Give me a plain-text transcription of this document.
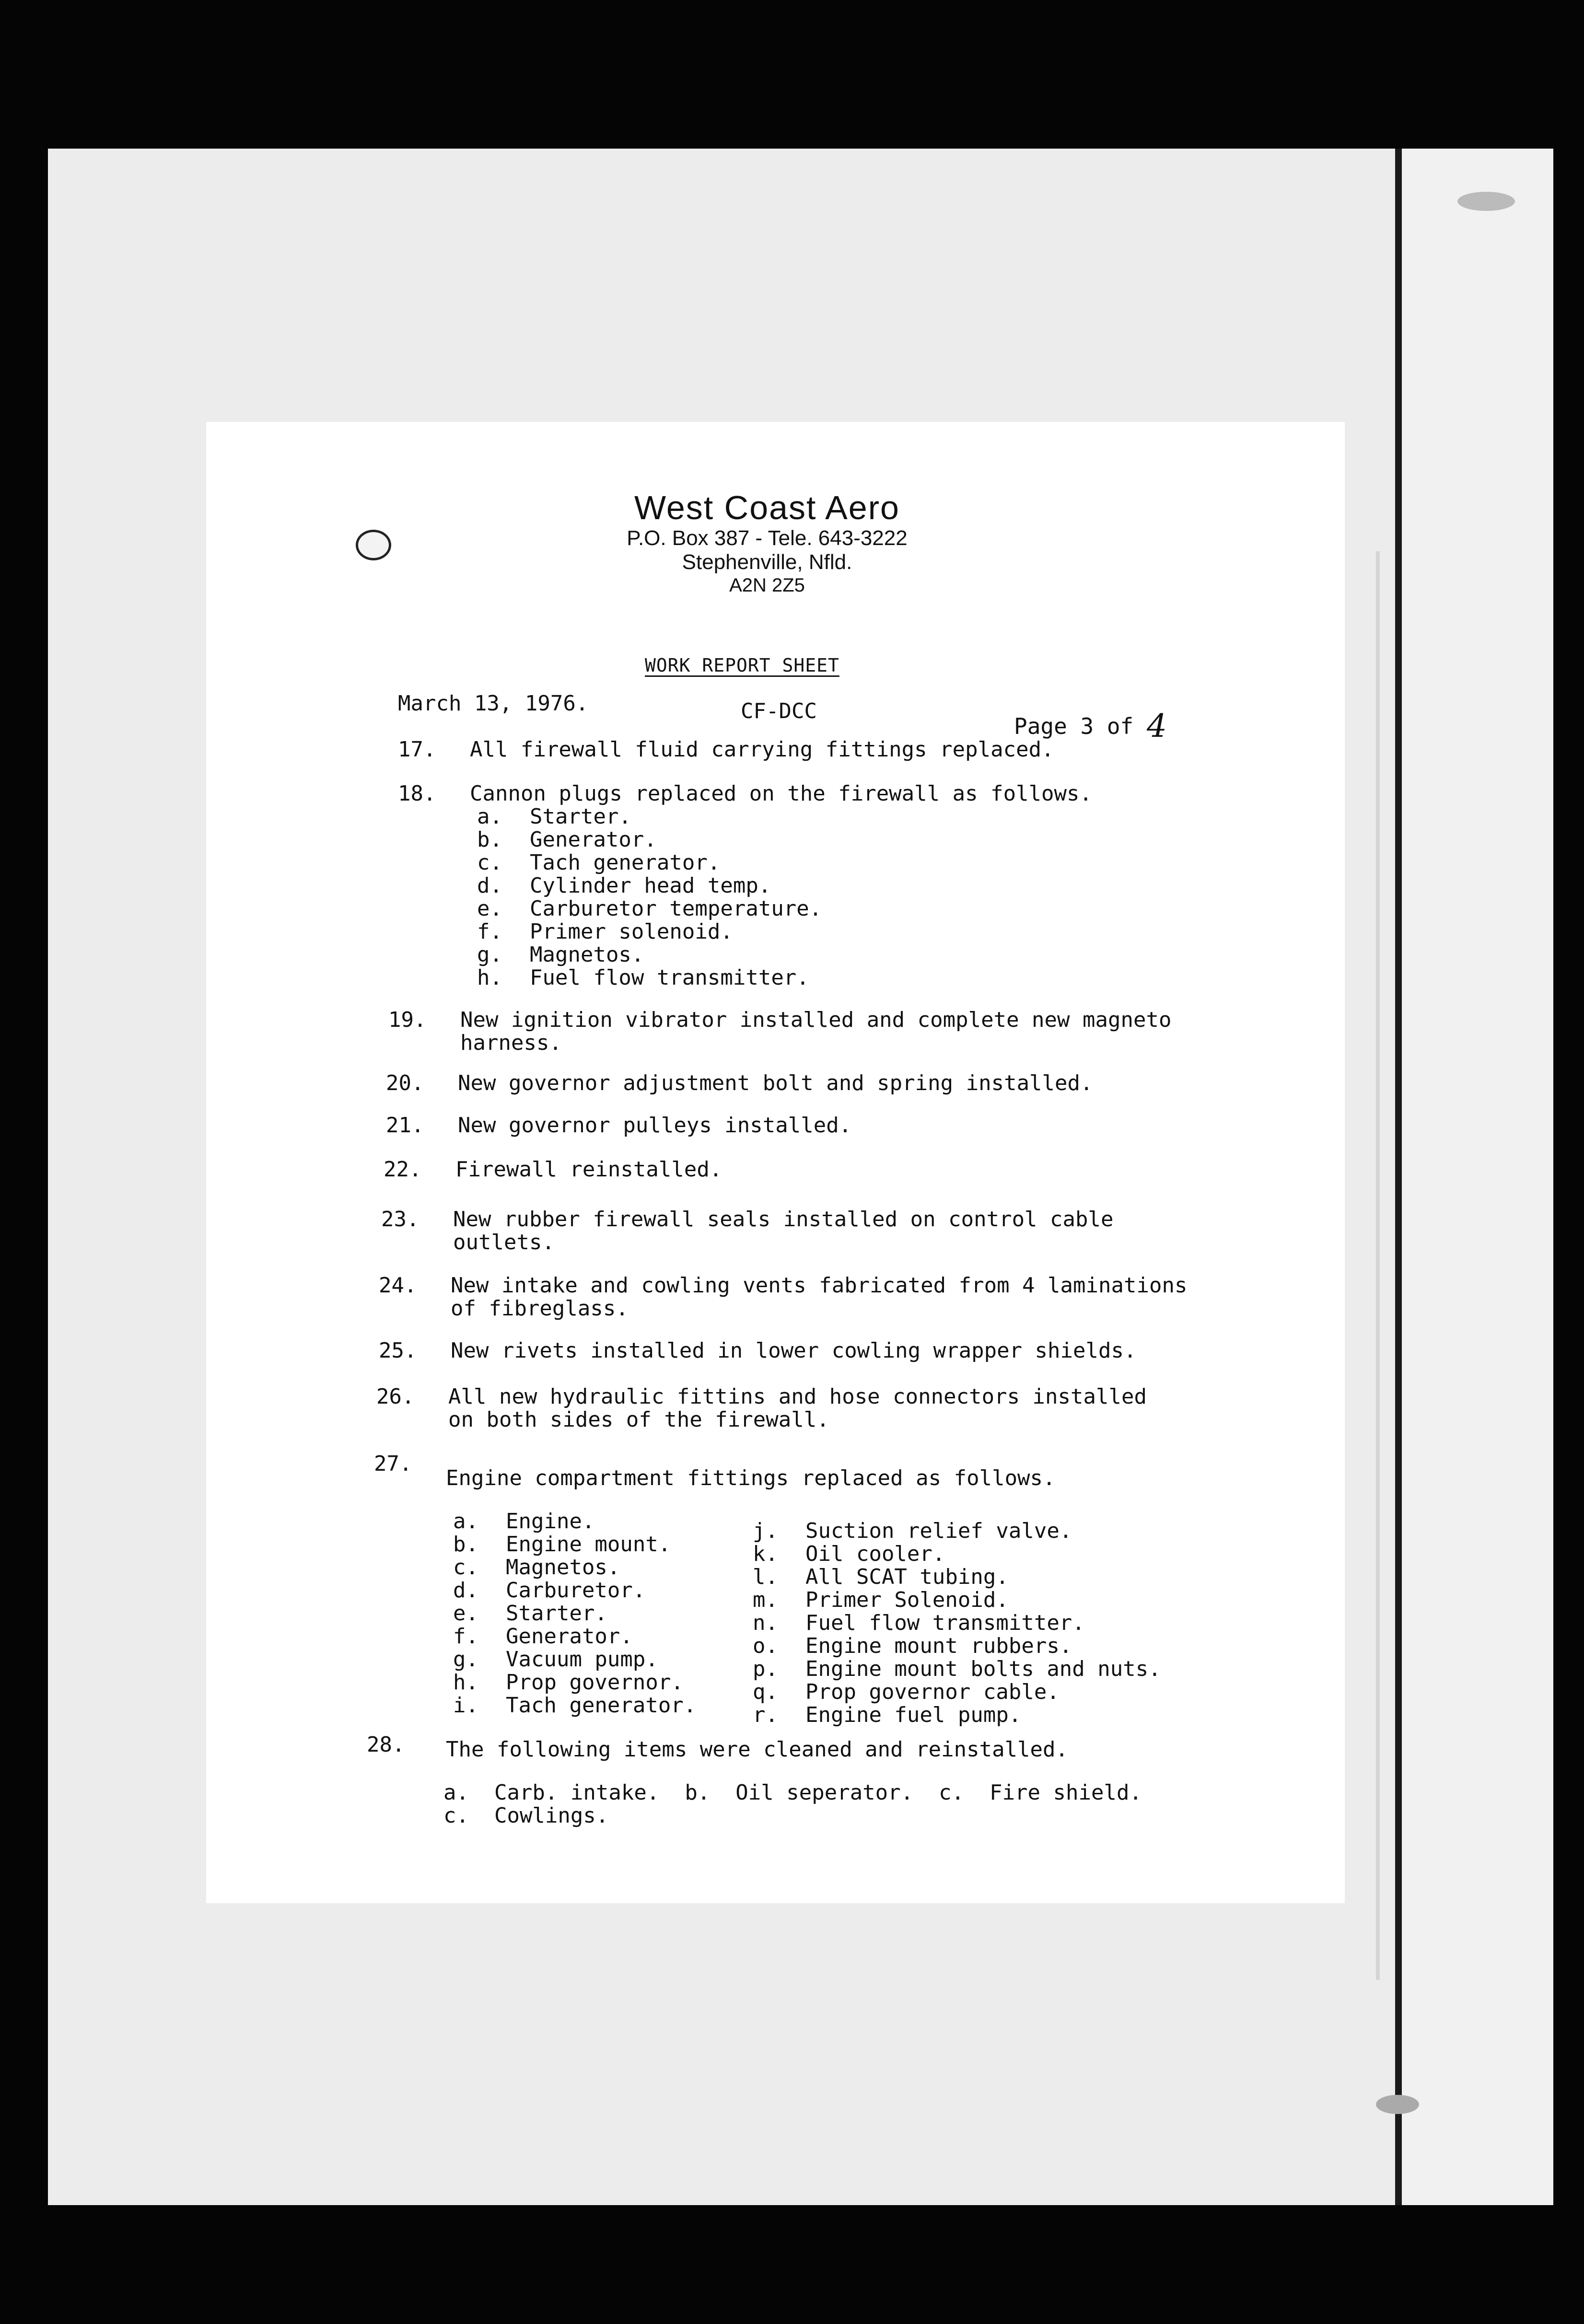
West Coast Aero
P.O. Box 387 - Tele. 643-3222
Stephenville, Nfld.
A2N 2Z5
WORK REPORT SHEET
March 13, 1976.	CF-DCC
Page 3 of 4
17. All firewall fluid carrying fittings replaced.
18. Cannon plugs replaced on the firewall as follows.
a. Starter.
b. Generator.
c. Tach generator.
d. Cylinder head temp.
e. Carburetor temperature.
f. Primer solenoid.
g. Magnetos.
h. Fuel flow transmitter.
19. New ignition vibrator installed and complete new magneto
harness.
20. New governor adjustment bolt and spring installed.
21. New governor pulleys installed.
22. Firewall reinstalled.
23. New rubber firewall seals installed on control cable
outlets.
24. New intake and cowling vents fabricated from 4 laminations
of fibreglass.
25. New rivets installed in lower cowling wrapper shields.
26. All new hydraulic fittins and hose connectors installed
on both sides of the firewall.
27.
Engine compartment fittings replaced as follows.
a. Engine.
b. Engine mount.
c. Magnetos.
d. Carburetor.
e. Starter.
f. Generator.
g. Vacuum pump.
h. Prop governor.
i. Tach generator.
j. Suction relief valve.
k. Oil cooler.
l. All SCAT tubing.
m. Primer Solenoid.
n. Fuel flow transmitter.
o. Engine mount rubbers.
p. Engine mount bolts and nuts.
q. Prop governor cable.
r. Engine fuel pump.
28. The following items were cleaned and reinstalled.
a.  Carb. intake.  b.  Oil seperator.  c.  Fire shield.
c.  Cowlings.
